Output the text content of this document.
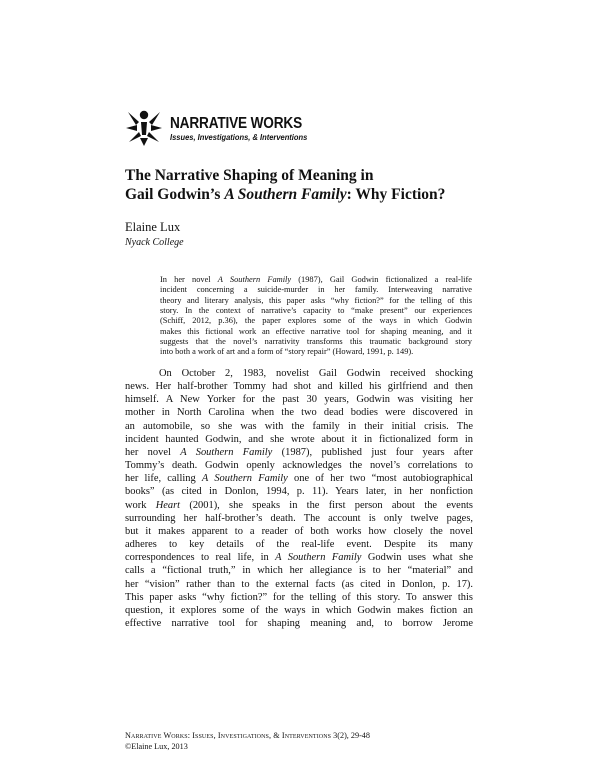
NARRATIVE WORKS
Issues, Investigations, & Interventions
The Narrative Shaping of Meaning in
Gail Godwin’s A Southern Family: Why Fiction?
Elaine Lux
Nyack College
In her novel A Southern Family (1987), Gail Godwin fictionalized a real-life
incident concerning a suicide-murder in her family. Interweaving narrative
theory and literary analysis, this paper asks “why fiction?” for the telling of this
story. In the context of narrative’s capacity to “make present” our experiences
(Schiff, 2012, p.36), the paper explores some of the ways in which Godwin
makes this fictional work an effective narrative tool for shaping meaning, and it
suggests that the novel’s narrativity transforms this traumatic background story
into both a work of art and a form of “story repair” (Howard, 1991, p. 149).
On October 2, 1983, novelist Gail Godwin received shocking
news. Her half-brother Tommy had shot and killed his girlfriend and then
himself. A New Yorker for the past 30 years, Godwin was visiting her
mother in North Carolina when the two dead bodies were discovered in
an automobile, so she was with the family in their initial crisis. The
incident haunted Godwin, and she wrote about it in fictionalized form in
her novel A Southern Family (1987), published just four years after
Tommy’s death. Godwin openly acknowledges the novel’s correlations to
her life, calling A Southern Family one of her two “most autobiographical
books” (as cited in Donlon, 1994, p. 11). Years later, in her nonfiction
work Heart (2001), she speaks in the first person about the events
surrounding her half-brother’s death. The account is only twelve pages,
but it makes apparent to a reader of both works how closely the novel
adheres to key details of the real-life event. Despite its many
correspondences to real life, in A Southern Family Godwin uses what she
calls a “fictional truth,” in which her allegiance is to her “material” and
her “vision” rather than to the external facts (as cited in Donlon, p. 17).
This paper asks “why fiction?” for the telling of this story. To answer this
question, it explores some of the ways in which Godwin makes fiction an
effective narrative tool for shaping meaning and, to borrow Jerome
Narrative Works: Issues, Investigations, & Interventions 3(2), 29-48
©Elaine Lux, 2013
